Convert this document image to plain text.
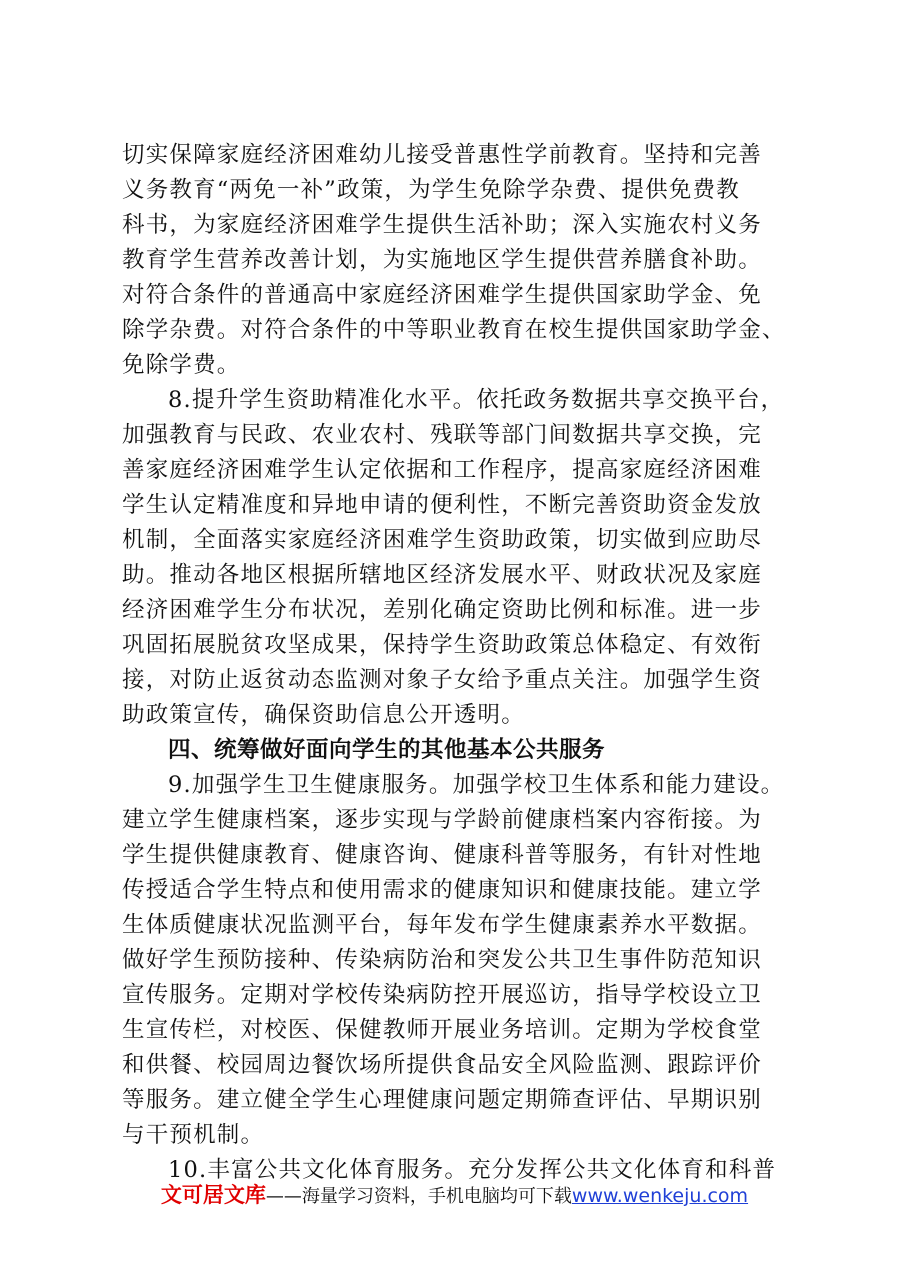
切实保障家庭经济困难幼儿接受普惠性学前教育。坚持和完善
义务教育“两免一补”政策，为学生免除学杂费、提供免费教
科书，为家庭经济困难学生提供生活补助；深入实施农村义务
教育学生营养改善计划，为实施地区学生提供营养膳食补助。
对符合条件的普通高中家庭经济困难学生提供国家助学金、免
除学杂费。对符合条件的中等职业教育在校生提供国家助学金、
免除学费。
8.提升学生资助精准化水平。依托政务数据共享交换平台，
加强教育与民政、农业农村、残联等部门间数据共享交换，完
善家庭经济困难学生认定依据和工作程序，提高家庭经济困难
学生认定精准度和异地申请的便利性，不断完善资助资金发放
机制，全面落实家庭经济困难学生资助政策，切实做到应助尽
助。推动各地区根据所辖地区经济发展水平、财政状况及家庭
经济困难学生分布状况，差别化确定资助比例和标准。进一步
巩固拓展脱贫攻坚成果，保持学生资助政策总体稳定、有效衔
接，对防止返贫动态监测对象子女给予重点关注。加强学生资
助政策宣传，确保资助信息公开透明。
四、统筹做好面向学生的其他基本公共服务
9.加强学生卫生健康服务。加强学校卫生体系和能力建设。
建立学生健康档案，逐步实现与学龄前健康档案内容衔接。为
学生提供健康教育、健康咨询、健康科普等服务，有针对性地
传授适合学生特点和使用需求的健康知识和健康技能。建立学
生体质健康状况监测平台，每年发布学生健康素养水平数据。
做好学生预防接种、传染病防治和突发公共卫生事件防范知识
宣传服务。定期对学校传染病防控开展巡访，指导学校设立卫
生宣传栏，对校医、保健教师开展业务培训。定期为学校食堂
和供餐、校园周边餐饮场所提供食品安全风险监测、跟踪评价
等服务。建立健全学生心理健康问题定期筛查评估、早期识别
与干预机制。
10.丰富公共文化体育服务。充分发挥公共文化体育和科普
文可居文库——海量学习资料，手机电脑均可下载www.wenkeju.com
